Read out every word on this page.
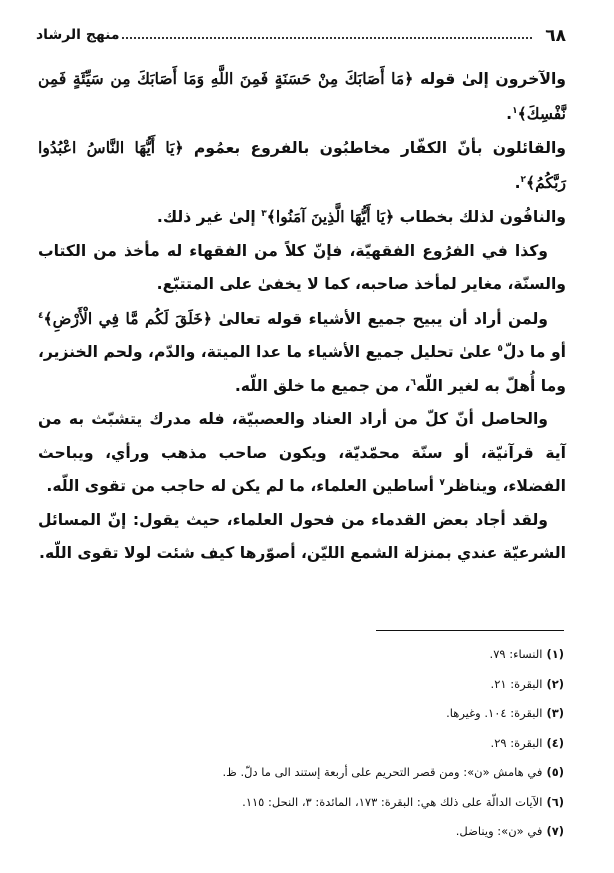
٦٨
منهج الرشاد

والآخرون إلىٰ قوله ﴿مَا أَصَابَكَ مِنْ حَسَنَةٍ فَمِنَ اللَّهِ وَمَا أَصَابَكَ مِن سَيِّئَةٍ فَمِن نَّفْسِكَ﴾$^١$.

والقائلون بأنّ الكفّار مخاطبُون بالفروع بعمُوم ﴿يَا أَيُّهَا النَّاسُ اعْبُدُوا رَبَّكُمُ﴾$^٢$.

والنافُون لذلك بخطاب ﴿يَا أَيُّهَا الَّذِينَ آمَنُوا﴾$^٣$ إلىٰ غير ذلك.

وكذا في الفرُوع الفقهيّة، فإنّ كلاً من الفقهاء له مأخذ من الكتاب والسنّة، مغاير لمأخذ صاحبه، كما لا يخفىٰ على المتتبّع.

ولمن أراد أن يبيح جميع الأشياء قوله تعالىٰ ﴿خَلَقَ لَكُم مَّا فِي الْأَرْضِ﴾$^٤$ أو ما دلّ$^٥$ علىٰ تحليل جميع الأشياء ما عدا الميتة، والدّم، ولحم الخنزير، وما أُهلّ به لغير اللّه$^٦$، من جميع ما خلق اللّه.

والحاصل أنّ كلّ من أراد العناد والعصبيّة، فله مدرك يتشبّث به من آية قرآنيّة، أو سنّة محمّديّة، ويكون صاحب مذهب ورأي، ويباحث الفضلاء، ويناظر$^٧$ أساطين العلماء، ما لم يكن له حاجب من تقوى اللّه.

ولقد أجاد بعض القدماء من فحول العلماء، حيث يقول: إنّ المسائل الشرعيّة عندي بمنزلة الشمع الليّن، أصوّرها كيف شئت لولا تقوى اللّه.

(١)النساء: ٧٩.

(٢)البقرة: ٢١.

(٣)البقرة: ١٠٤. وغيرها.

(٤)البقرة: ٢٩.

(٥)في هامش «ن»: ومن قصر التحريم على أربعة إستند الى ما دلّ. ظ.

(٦)الآيات الدالّة على ذلك هي: البقرة: ١٧٣، المائدة: ٣، النحل: ١١٥.

(٧)في «ن»: ويناضل.
